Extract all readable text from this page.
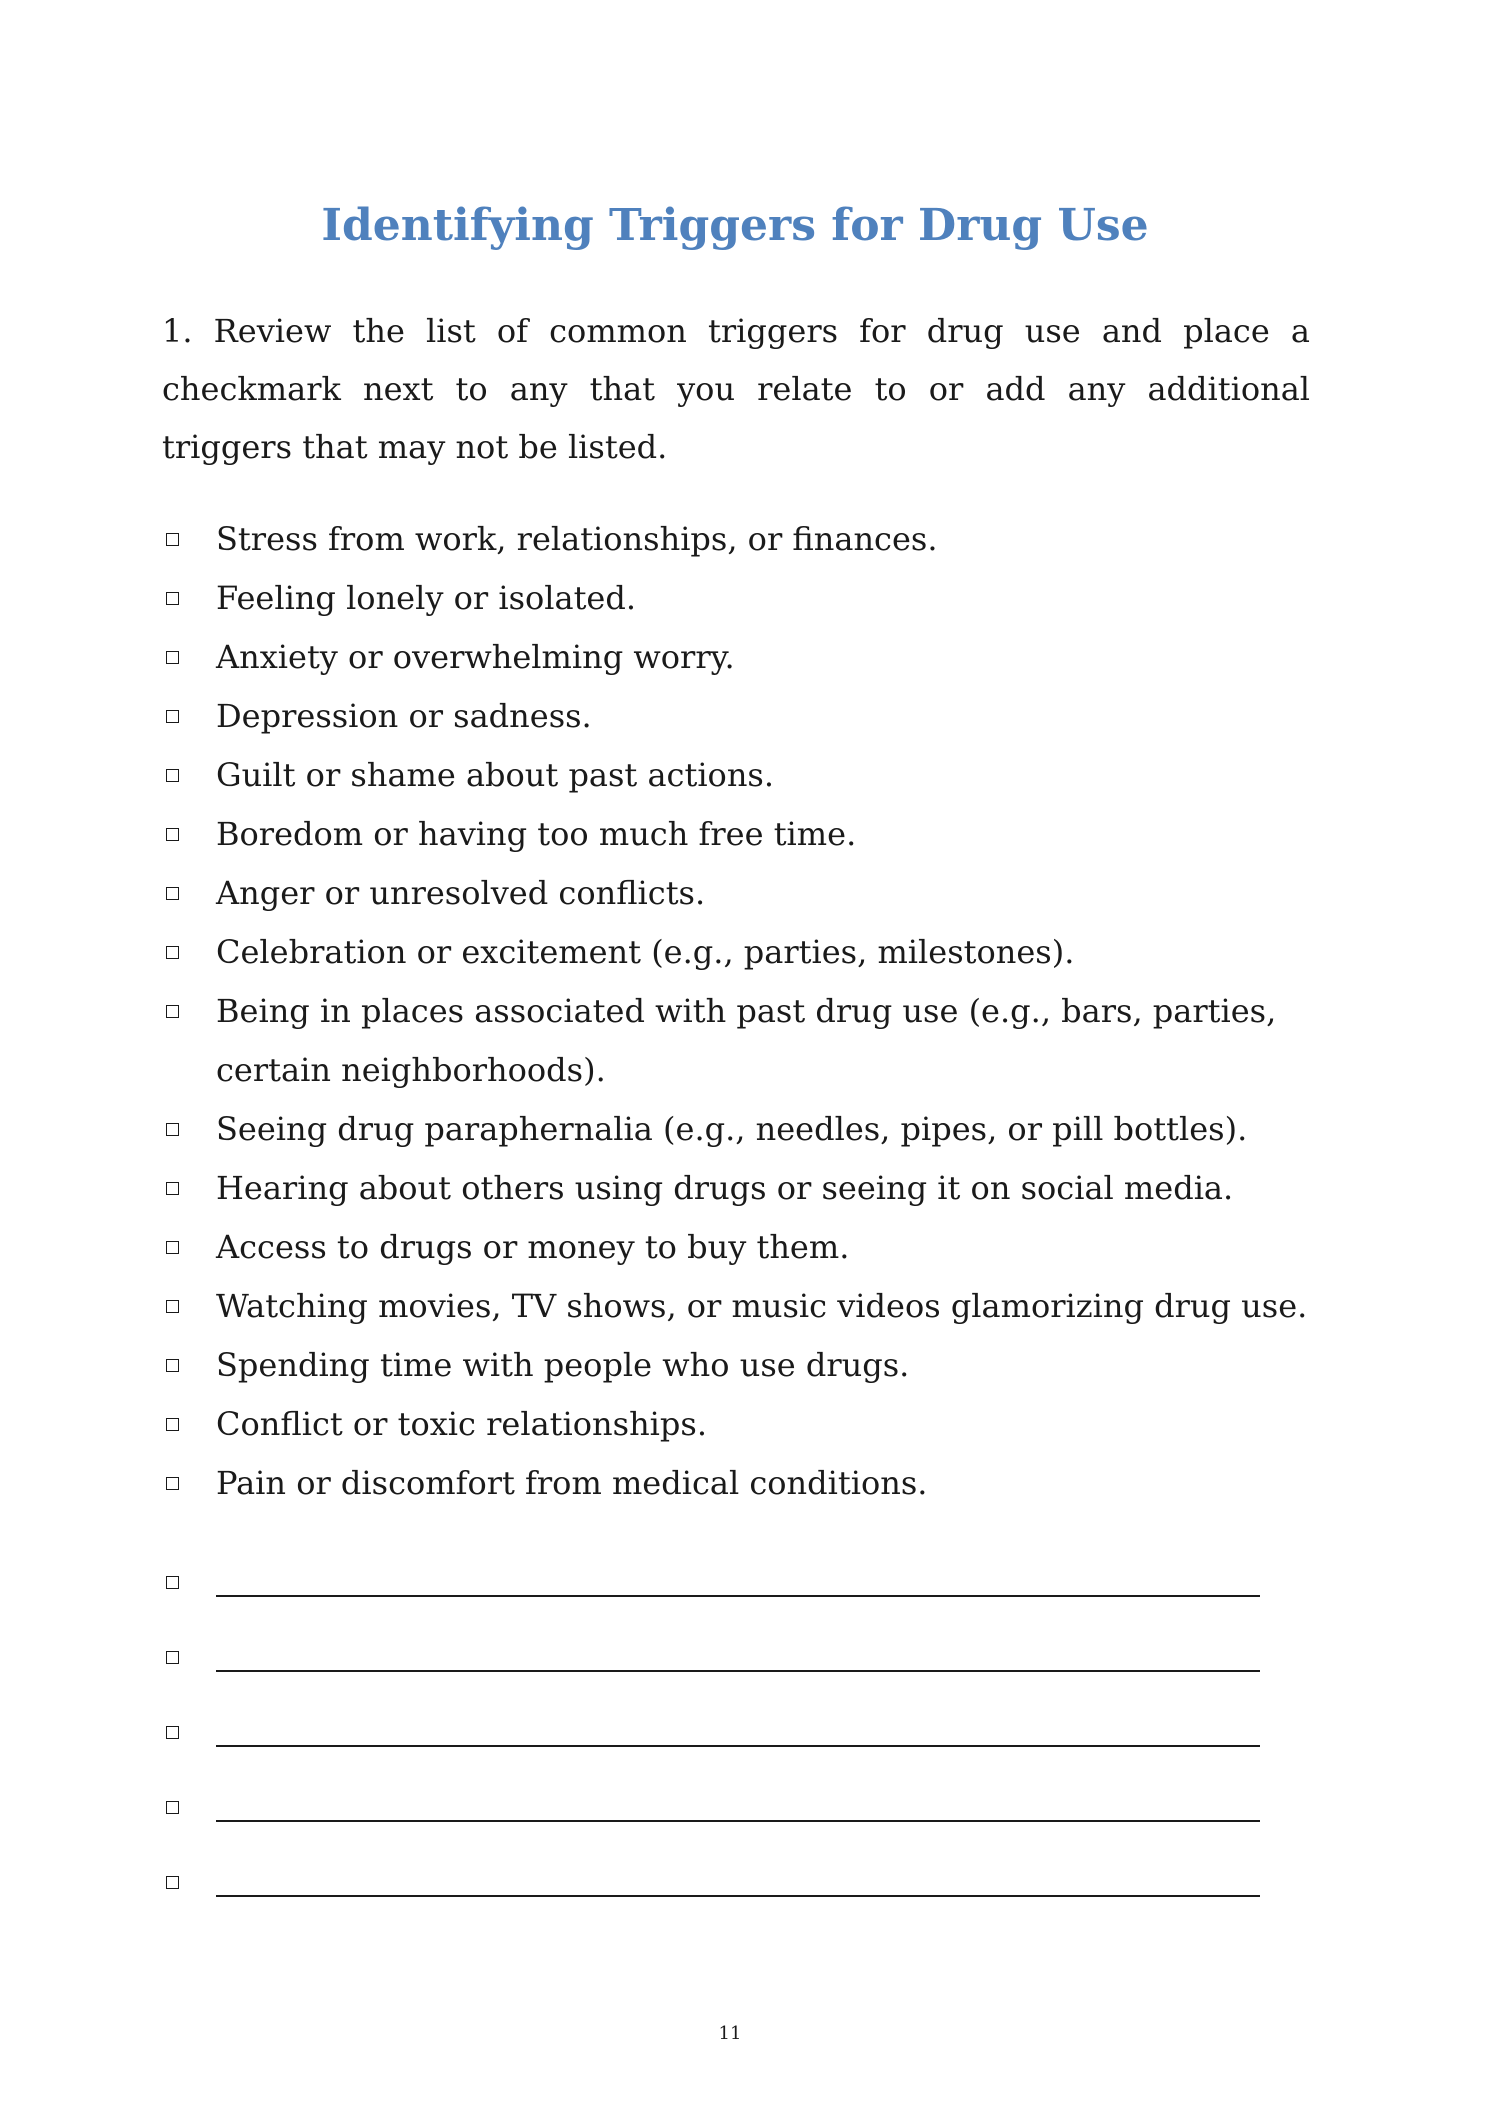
Identifying Triggers for Drug Use

1. Review the list of common triggers for drug use and place a checkmark next to any that you relate to or add any additional triggers that may not be listed.

Stress from work, relationships, or finances.
Feeling lonely or isolated.
Anxiety or overwhelming worry.
Depression or sadness.
Guilt or shame about past actions.
Boredom or having too much free time.
Anger or unresolved conflicts.
Celebration or excitement (e.g., parties, milestones).
Being in places associated with past drug use (e.g., bars, parties, certain neighborhoods).
Seeing drug paraphernalia (e.g., needles, pipes, or pill bottles).
Hearing about others using drugs or seeing it on social media.
Access to drugs or money to buy them.
Watching movies, TV shows, or music videos glamorizing drug use.
Spending time with people who use drugs.
Conflict or toxic relationships.
Pain or discomfort from medical conditions.
11
